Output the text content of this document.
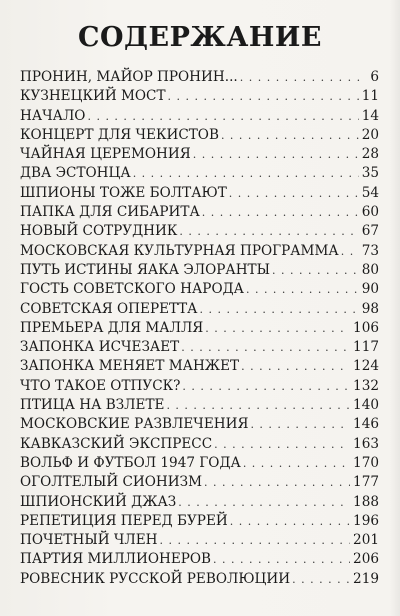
СОДЕРЖАНИЕ
ПРОНИН, МАЙОР ПРОНИН... . . .	6
КУЗНЕЦКИЙ МОСТ . . .	11
НАЧАЛО . . .	14
КОНЦЕРТ ДЛЯ ЧЕКИСТОВ . . .	20
ЧАЙНАЯ ЦЕРЕМОНИЯ . . .	28
ДВА ЭСТОНЦА . . .	35
ШПИОНЫ ТОЖЕ БОЛТАЮТ . . .	54
ПАПКА ДЛЯ СИБАРИТА . . .	60
НОВЫЙ СОТРУДНИК . . .	67
МОСКОВСКАЯ КУЛЬТУРНАЯ ПРОГРАММА . . . 73
ПУТЬ ИСТИНЫ ЯАКА ЭЛОРАНТЫ . . .	80
ГОСТЬ СОВЕТСКОГО НАРОДА . . .	90
СОВЕТСКАЯ ОПЕРЕТТА . . .	98
ПРЕМЬЕРА ДЛЯ МАЛЛЯ . . .	106
ЗАПОНКА ИСЧЕЗАЕТ . . .	117
ЗАПОНКА МЕНЯЕТ МАНЖЕТ . . .	124
ЧТО ТАКОЕ ОТПУСК? . . .	132
ПТИЦА НА ВЗЛЕТЕ . . .	140
МОСКОВСКИЕ РАЗВЛЕЧЕНИЯ . . .	146
КАВКАЗСКИЙ ЭКСПРЕСС . . .	163
ВОЛЬФ И ФУТБОЛ 1947 ГОДА . . .	170
ОГОЛТЕЛЫЙ СИОНИЗМ . . .	177
ШПИОНСКИЙ ДЖАЗ . . .	188
РЕПЕТИЦИЯ ПЕРЕД БУРЕЙ . . .	196
ПОЧЕТНЫЙ ЧЛЕН . . .	201
ПАРТИЯ МИЛЛИОНЕРОВ . . .	206
РОВЕСНИК РУССКОЙ РЕВОЛЮЦИИ . . .	219
